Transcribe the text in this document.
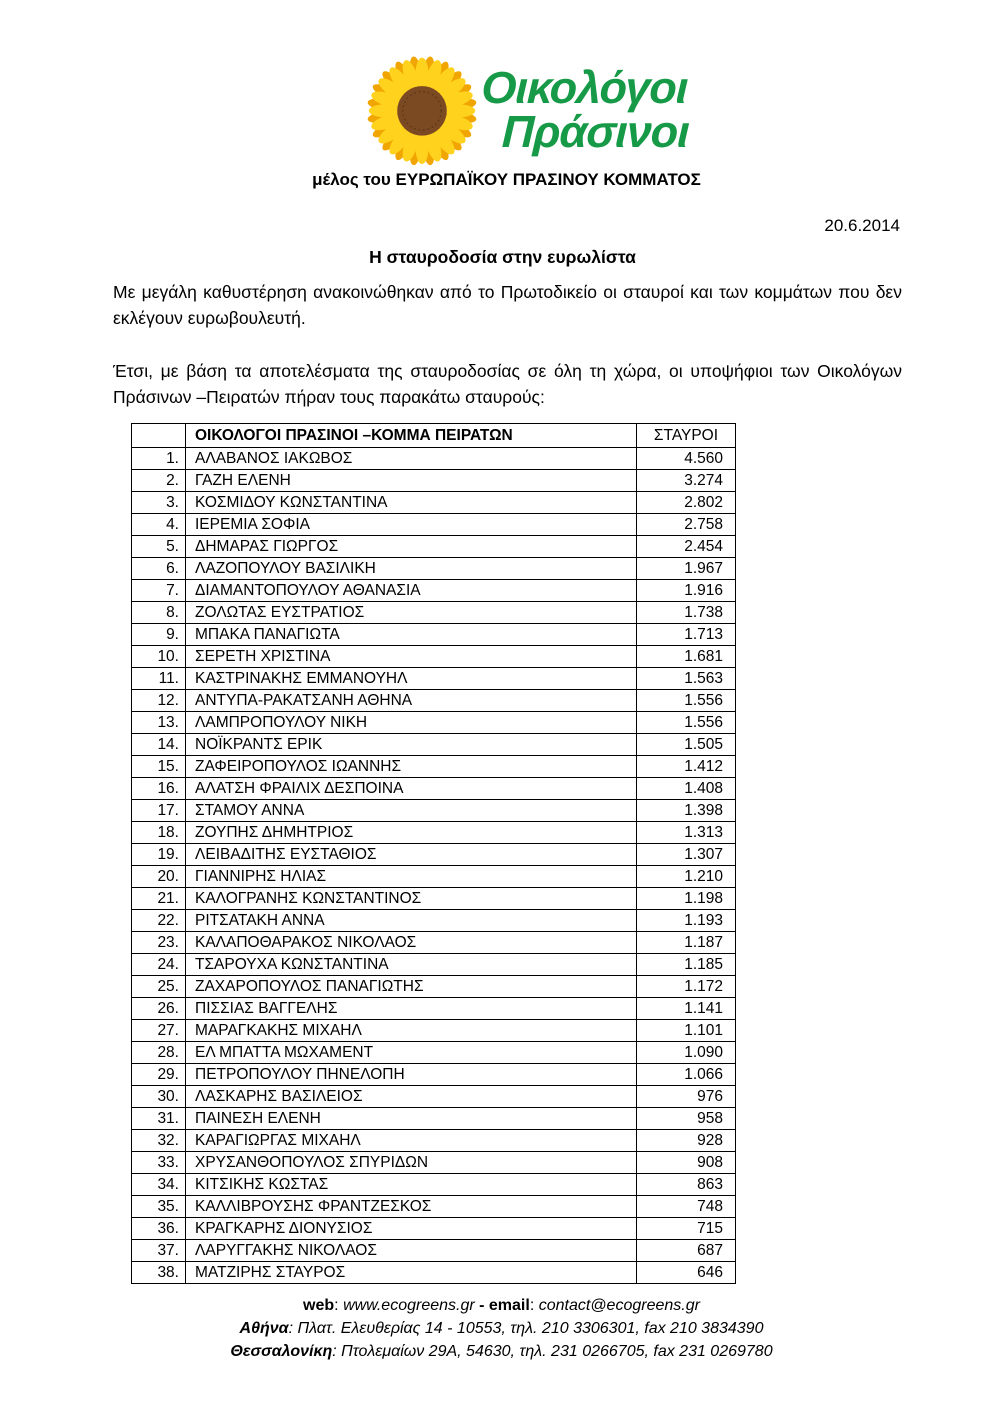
Οικολόγοι
Πράσινοι
μέλος του ΕΥΡΩΠΑΪΚΟΥ ΠΡΑΣΙΝΟΥ ΚΟΜΜΑΤΟΣ
20.6.2014
Η σταυροδοσία στην ευρωλίστα

Με μεγάλη καθυστέρηση ανακοινώθηκαν από το Πρωτοδικείο οι σταυροί και των κομμάτων που δεν εκλέγουν ευρωβουλευτή.

Έτσι, με βάση τα αποτελέσματα της σταυροδοσίας σε όλη τη χώρα, οι υποψήφιοι των Οικολόγων Πράσινων –Πειρατών πήραν τους παρακάτω σταυρούς:

	ΟΙΚΟΛΟΓΟΙ ΠΡΑΣΙΝΟΙ –ΚΟΜΜΑ ΠΕΙΡΑΤΩΝ	ΣΤΑΥΡΟΙ
1.	ΑΛΑΒΑΝΟΣ ΙΑΚΩΒΟΣ	4.560
2.	ΓΑΖΗ ΕΛΕΝΗ	3.274
3.	ΚΟΣΜΙΔΟΥ ΚΩΝΣΤΑΝΤΙΝΑ	2.802
4.	ΙΕΡΕΜΙΑ ΣΟΦΙΑ	2.758
5.	ΔΗΜΑΡΑΣ ΓΙΩΡΓΟΣ	2.454
6.	ΛΑΖΟΠΟΥΛΟΥ ΒΑΣΙΛΙΚΗ	1.967
7.	ΔΙΑΜΑΝΤΟΠΟΥΛΟΥ ΑΘΑΝΑΣΙΑ	1.916
8.	ΖΟΛΩΤΑΣ ΕΥΣΤΡΑΤΙΟΣ	1.738
9.	ΜΠΑΚΑ ΠΑΝΑΓΙΩΤΑ	1.713
10.	ΣΕΡΕΤΗ ΧΡΙΣΤΙΝΑ	1.681
11.	ΚΑΣΤΡΙΝΑΚΗΣ ΕΜΜΑΝΟΥΗΛ	1.563
12.	ΑΝΤΥΠΑ-ΡΑΚΑΤΣΑΝΗ ΑΘΗΝΑ	1.556
13.	ΛΑΜΠΡΟΠΟΥΛΟΥ ΝΙΚΗ	1.556
14.	ΝΟΪΚΡΑΝΤΣ ΕΡΙΚ	1.505
15.	ΖΑΦΕΙΡΟΠΟΥΛΟΣ ΙΩΑΝΝΗΣ	1.412
16.	ΑΛΑΤΣΗ ΦΡΑΙΛΙΧ ΔΕΣΠΟΙΝΑ	1.408
17.	ΣΤΑΜΟΥ ΑΝΝΑ	1.398
18.	ΖΟΥΠΗΣ ΔΗΜΗΤΡΙΟΣ	1.313
19.	ΛΕΙΒΑΔΙΤΗΣ ΕΥΣΤΑΘΙΟΣ	1.307
20.	ΓΙΑΝΝΙΡΗΣ ΗΛΙΑΣ	1.210
21.	ΚΑΛΟΓΡΑΝΗΣ ΚΩΝΣΤΑΝΤΙΝΟΣ	1.198
22.	ΡΙΤΣΑΤΑΚΗ ΑΝΝΑ	1.193
23.	ΚΑΛΑΠΟΘΑΡΑΚΟΣ ΝΙΚΟΛΑΟΣ	1.187
24.	ΤΣΑΡΟΥΧΑ ΚΩΝΣΤΑΝΤΙΝΑ	1.185
25.	ΖΑΧΑΡΟΠΟΥΛΟΣ ΠΑΝΑΓΙΩΤΗΣ	1.172
26.	ΠΙΣΣΙΑΣ ΒΑΓΓΕΛΗΣ	1.141
27.	ΜΑΡΑΓΚΑΚΗΣ ΜΙΧΑΗΛ	1.101
28.	ΕΛ ΜΠΑΤΤΑ ΜΩΧΑΜΕΝΤ	1.090
29.	ΠΕΤΡΟΠΟΥΛΟΥ ΠΗΝΕΛΟΠΗ	1.066
30.	ΛΑΣΚΑΡΗΣ ΒΑΣΙΛΕΙΟΣ	976
31.	ΠΑΙΝΕΣΗ ΕΛΕΝΗ	958
32.	ΚΑΡΑΓΙΩΡΓΑΣ ΜΙΧΑΗΛ	928
33.	ΧΡΥΣΑΝΘΟΠΟΥΛΟΣ ΣΠΥΡΙΔΩΝ	908
34.	ΚΙΤΣΙΚΗΣ ΚΩΣΤΑΣ	863
35.	ΚΑΛΛΙΒΡΟΥΣΗΣ ΦΡΑΝΤΖΕΣΚΟΣ	748
36.	ΚΡΑΓΚΑΡΗΣ ΔΙΟΝΥΣΙΟΣ	715
37.	ΛΑΡΥΓΓΑΚΗΣ ΝΙΚΟΛΑΟΣ	687
38.	ΜΑΤΖΙΡΗΣ ΣΤΑΥΡΟΣ	646
web: www.ecogreens.gr - email: contact@ecogreens.gr
Αθήνα: Πλατ. Ελευθερίας 14 - 10553, τηλ. 210 3306301, fax 210 3834390
Θεσσαλονίκη: Πτολεμαίων 29Α, 54630, τηλ. 231 0266705, fax 231 0269780
